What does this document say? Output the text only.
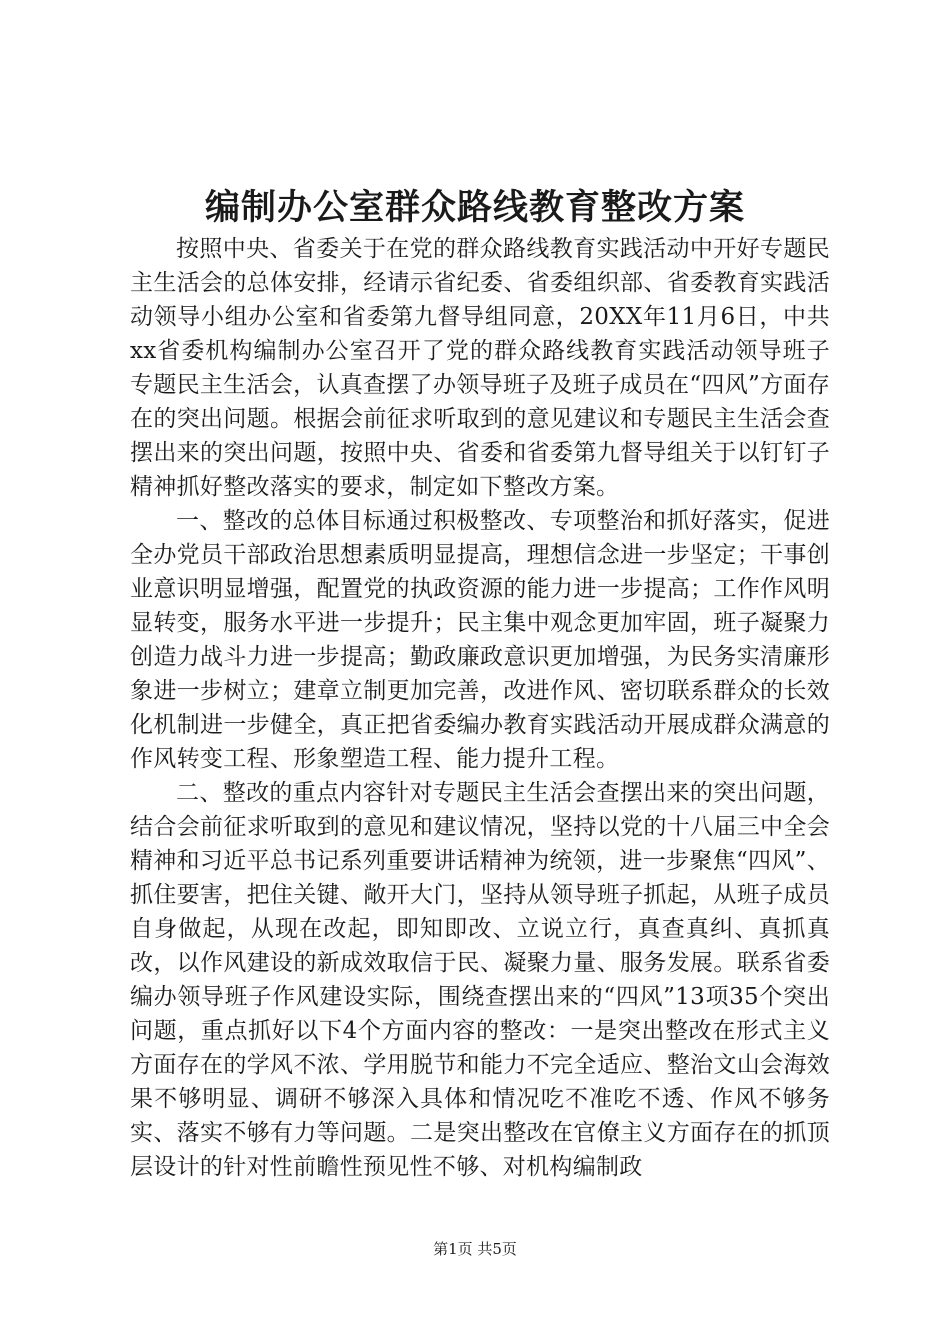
编制办公室群众路线教育整改方案

按照中央、省委关于在党的群众路线教育实践活动中开好专题民主生活会的总体安排，经请示省纪委、省委组织部、省委教育实践活动领导小组办公室和省委第九督导组同意，20XX年11月6日，中共xx省委机构编制办公室召开了党的群众路线教育实践活动领导班子专题民主生活会，认真查摆了办领导班子及班子成员在“四风”方面存在的突出问题。根据会前征求听取到的意见建议和专题民主生活会查摆出来的突出问题，按照中央、省委和省委第九督导组关于以钉钉子精神抓好整改落实的要求，制定如下整改方案。

一、整改的总体目标通过积极整改、专项整治和抓好落实，促进全办党员干部政治思想素质明显提高，理想信念进一步坚定；干事创业意识明显增强，配置党的执政资源的能力进一步提高；工作作风明显转变，服务水平进一步提升；民主集中观念更加牢固，班子凝聚力创造力战斗力进一步提高；勤政廉政意识更加增强，为民务实清廉形象进一步树立；建章立制更加完善，改进作风、密切联系群众的长效化机制进一步健全，真正把省委编办教育实践活动开展成群众满意的作风转变工程、形象塑造工程、能力提升工程。

二、整改的重点内容针对专题民主生活会查摆出来的突出问题，结合会前征求听取到的意见和建议情况，坚持以党的十八届三中全会精神和习近平总书记系列重要讲话精神为统领，进一步聚焦“四风”、抓住要害，把住关键、敞开大门，坚持从领导班子抓起，从班子成员自身做起，从现在改起，即知即改、立说立行，真查真纠、真抓真改，以作风建设的新成效取信于民、凝聚力量、服务发展。联系省委编办领导班子作风建设实际，围绕查摆出来的“四风”13项35个突出问题，重点抓好以下4个方面内容的整改：一是突出整改在形式主义方面存在的学风不浓、学用脱节和能力不完全适应、整治文山会海效果不够明显、调研不够深入具体和情况吃不准吃不透、作风不够务实、落实不够有力等问题。二是突出整改在官僚主义方面存在的抓顶层设计的针对性前瞻性预见性不够、对机构编制政

第1页 共5页
